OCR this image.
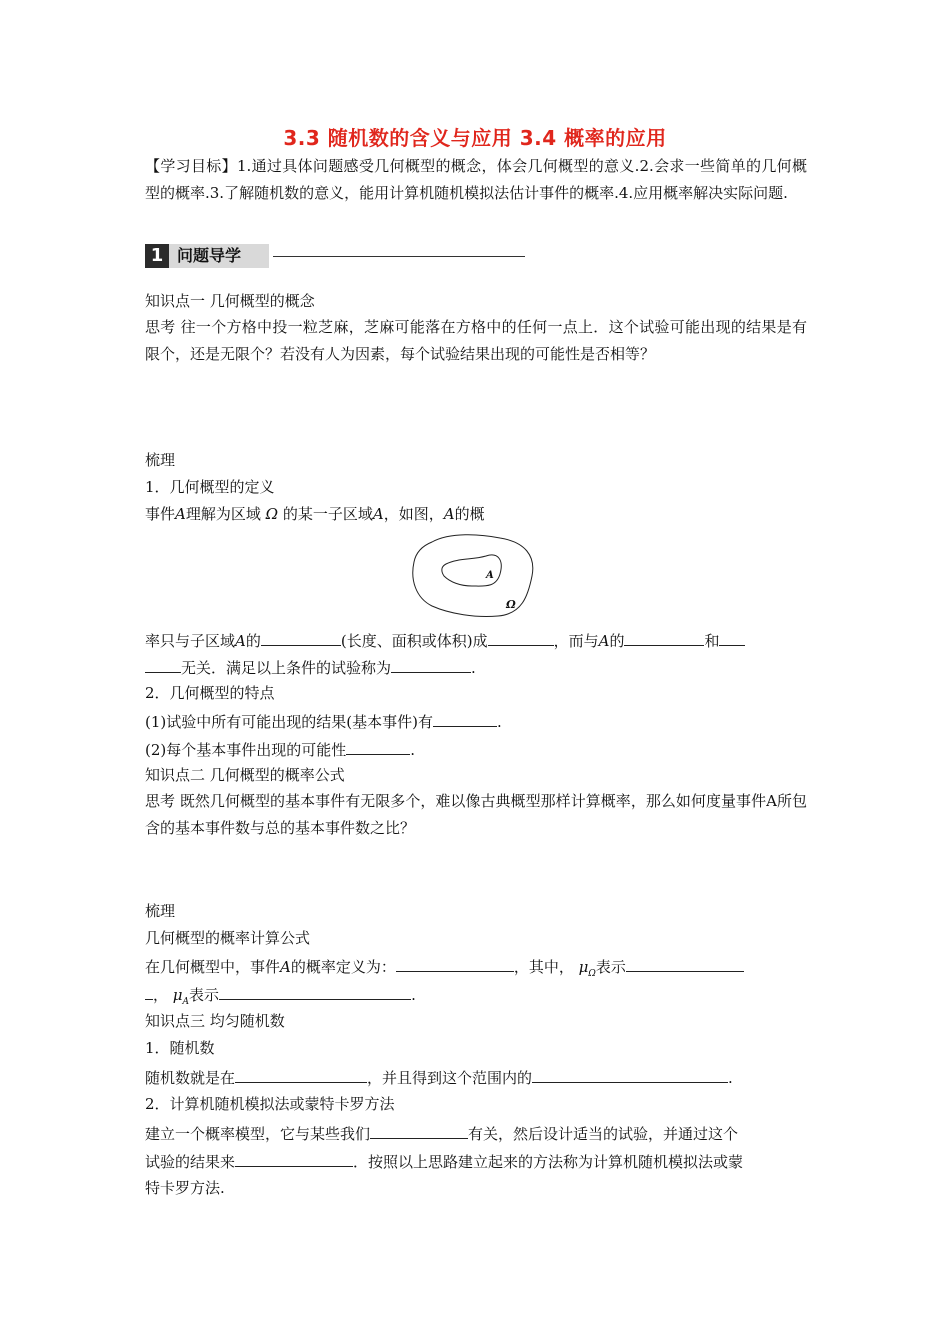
3.3 随机数的含义与应用 3.4 概率的应用
【学习目标】1.通过具体问题感受几何概型的概念，体会几何概型的意义.2.会求一些简单的几何概型的概率.3.了解随机数的意义，能用计算机随机模拟法估计事件的概率.4.应用概率解决实际问题.
1 问题导学
知识点一 几何概型的概念
思考 往一个方格中投一粒芝麻，芝麻可能落在方格中的任何一点上．这个试验可能出现的结果是有限个，还是无限个？若没有人为因素，每个试验结果出现的可能性是否相等？
梳理
1．几何概型的定义
事件A理解为区域 Ω 的某一子区域A，如图，A的概
A
Ω
率只与子区域A的	(长度、面积或体积)成	，而与A的	和
无关．满足以上条件的试验称为	.
2．几何概型的特点
(1)试验中所有可能出现的结果(基本事件)有	.
(2)每个基本事件出现的可能性	.
知识点二 几何概型的概率公式
思考 既然几何概型的基本事件有无限多个，难以像古典概型那样计算概率，那么如何度量事件A所包含的基本事件数与总的基本事件数之比？
梳理
几何概型的概率计算公式
在几何概型中，事件A的概率定义为：	，其中， $\mu_\Omega$表示
， $\mu_A$表示	.
知识点三 均匀随机数
1．随机数
随机数就是在	，并且得到这个范围内的	.
2．计算机随机模拟法或蒙特卡罗方法
建立一个概率模型，它与某些我们	有关，然后设计适当的试验，并通过这个
试验的结果来	．按照以上思路建立起来的方法称为计算机随机模拟法或蒙
特卡罗方法.
